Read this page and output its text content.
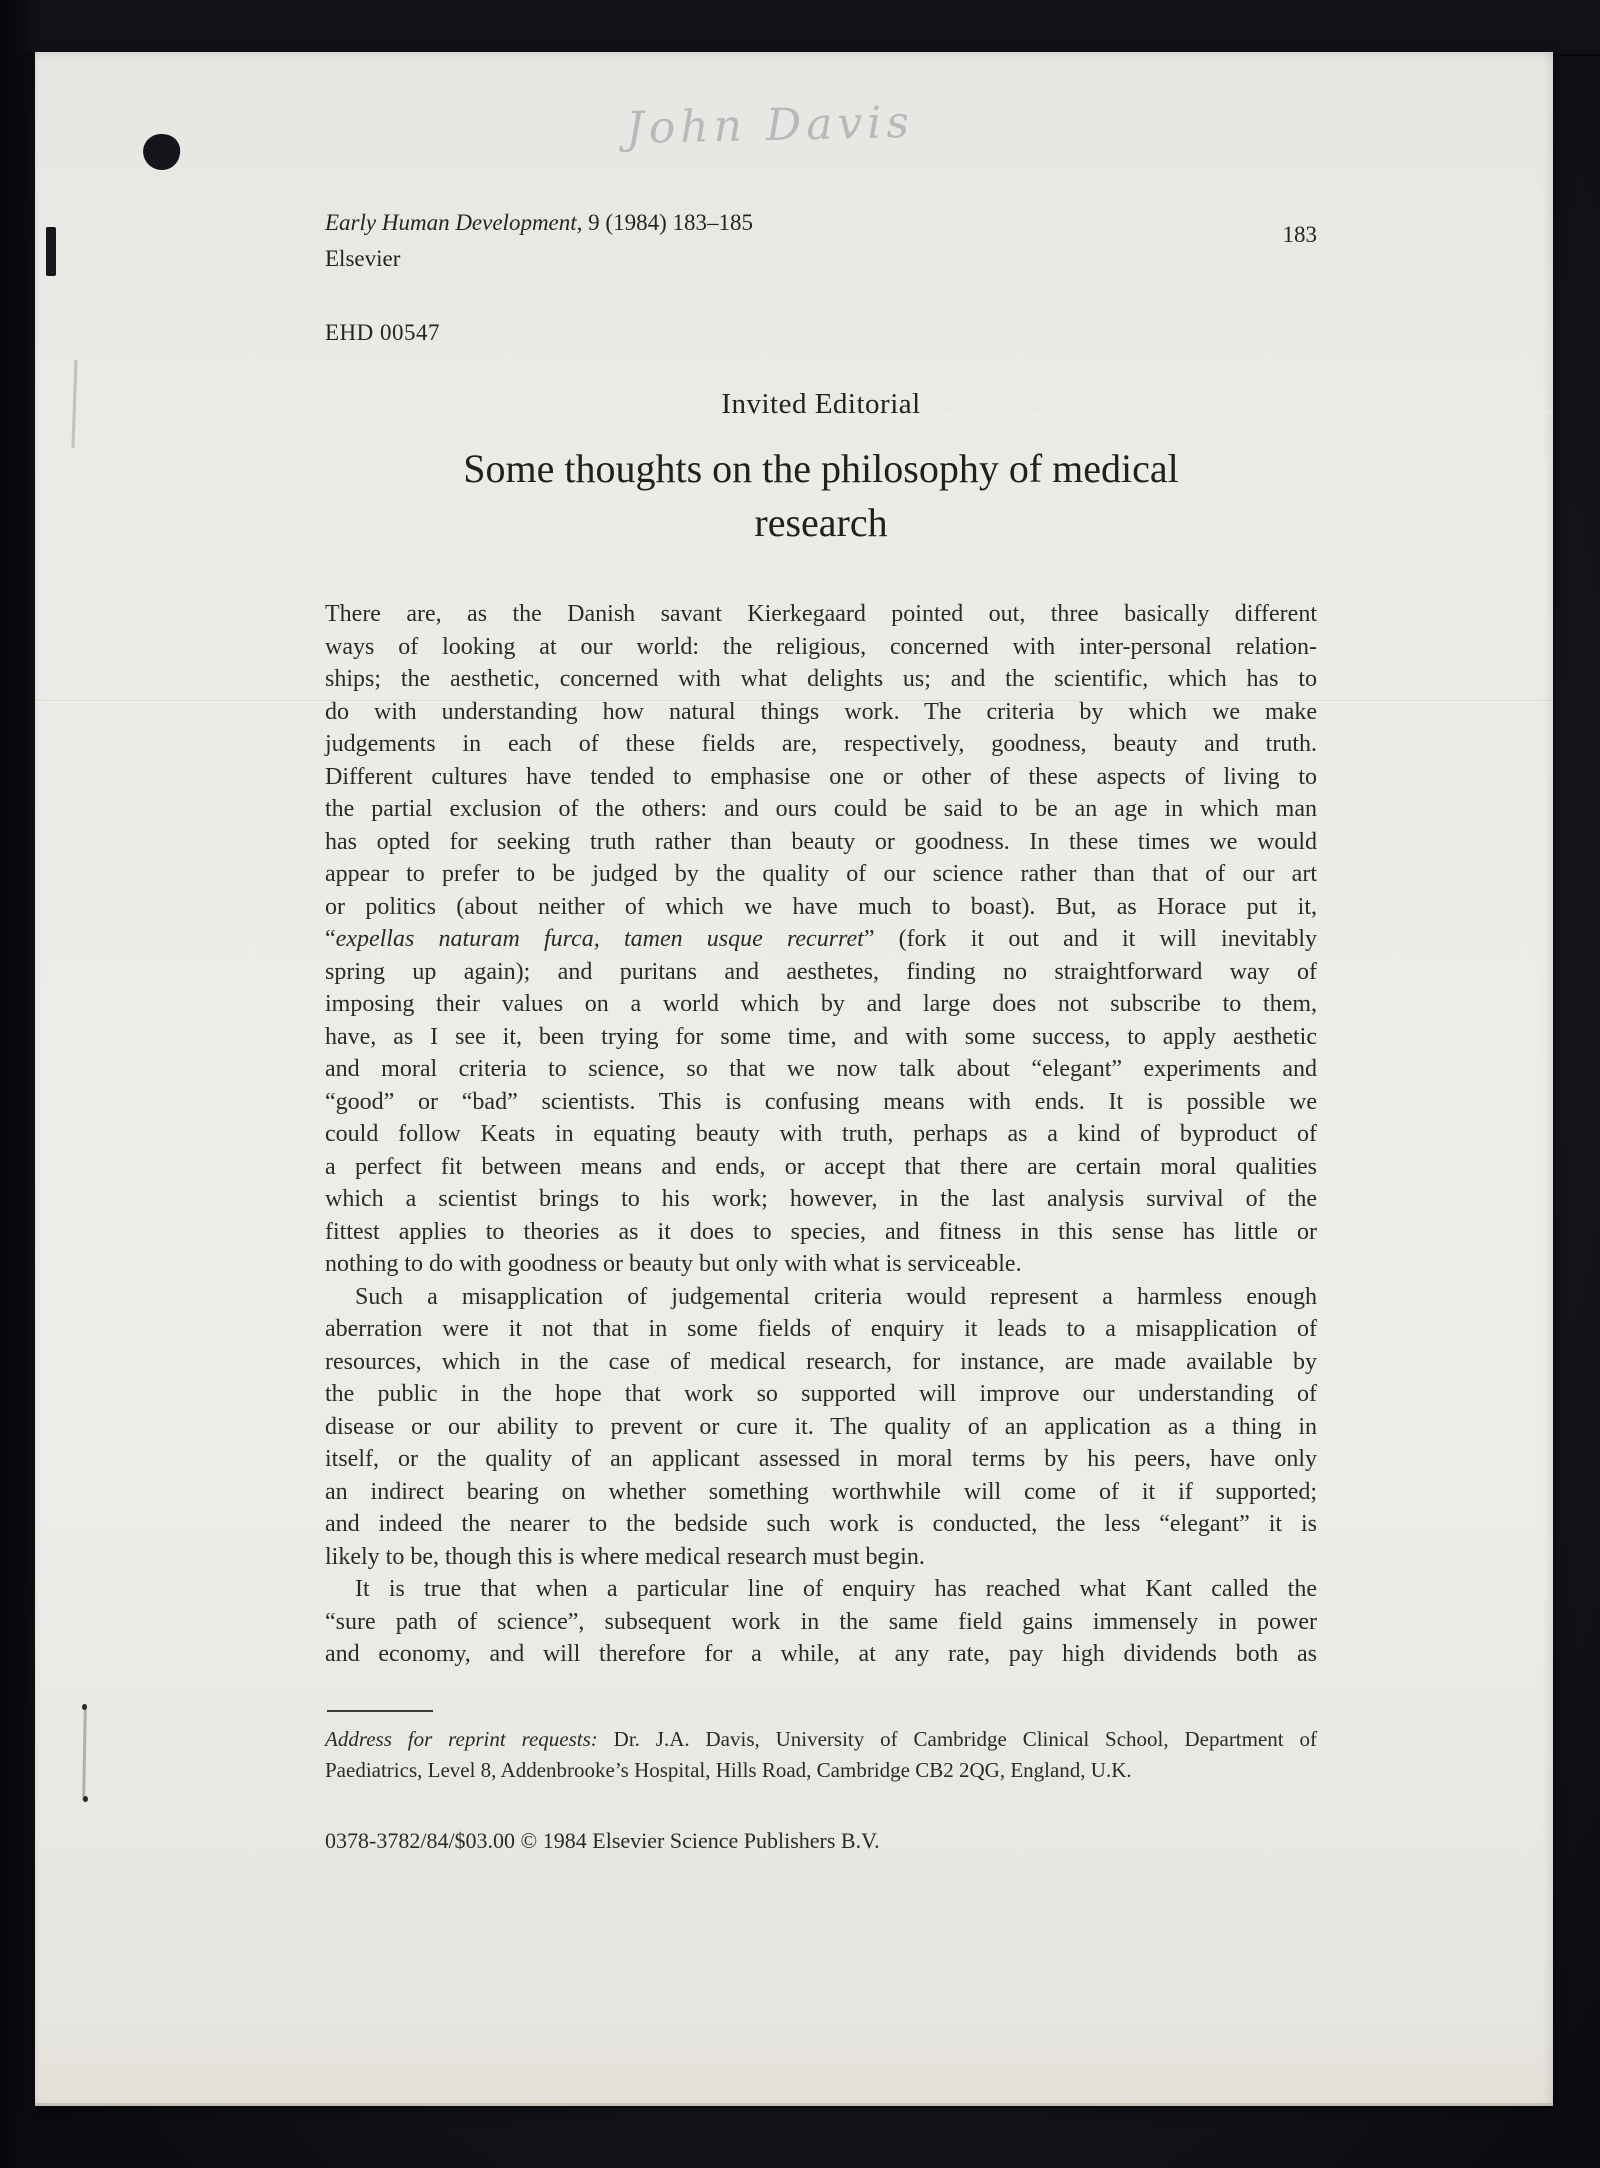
John Davis
Early Human Development, 9 (1984) 183–185	183
Elsevier
EHD 00547
Invited Editorial
Some thoughts on the philosophy of medical
research
There are, as the Danish savant Kierkegaard pointed out, three basically different
ways of looking at our world: the religious, concerned with inter-personal relation-
ships; the aesthetic, concerned with what delights us; and the scientific, which has to
do with understanding how natural things work. The criteria by which we make
judgements in each of these fields are, respectively, goodness, beauty and truth.
Different cultures have tended to emphasise one or other of these aspects of living to
the partial exclusion of the others: and ours could be said to be an age in which man
has opted for seeking truth rather than beauty or goodness. In these times we would
appear to prefer to be judged by the quality of our science rather than that of our art
or politics (about neither of which we have much to boast). But, as Horace put it,
“expellas naturam furca, tamen usque recurret” (fork it out and it will inevitably
spring up again); and puritans and aesthetes, finding no straightforward way of
imposing their values on a world which by and large does not subscribe to them,
have, as I see it, been trying for some time, and with some success, to apply aesthetic
and moral criteria to science, so that we now talk about “elegant” experiments and
“good” or “bad” scientists. This is confusing means with ends. It is possible we
could follow Keats in equating beauty with truth, perhaps as a kind of byproduct of
a perfect fit between means and ends, or accept that there are certain moral qualities
which a scientist brings to his work; however, in the last analysis survival of the
fittest applies to theories as it does to species, and fitness in this sense has little or
nothing to do with goodness or beauty but only with what is serviceable.
Such a misapplication of judgemental criteria would represent a harmless enough
aberration were it not that in some fields of enquiry it leads to a misapplication of
resources, which in the case of medical research, for instance, are made available by
the public in the hope that work so supported will improve our understanding of
disease or our ability to prevent or cure it. The quality of an application as a thing in
itself, or the quality of an applicant assessed in moral terms by his peers, have only
an indirect bearing on whether something worthwhile will come of it if supported;
and indeed the nearer to the bedside such work is conducted, the less “elegant” it is
likely to be, though this is where medical research must begin.
It is true that when a particular line of enquiry has reached what Kant called the
“sure path of science”, subsequent work in the same field gains immensely in power
and economy, and will therefore for a while, at any rate, pay high dividends both as
Address for reprint requests: Dr. J.A. Davis, University of Cambridge Clinical School, Department of
Paediatrics, Level 8, Addenbrooke’s Hospital, Hills Road, Cambridge CB2 2QG, England, U.K.
0378-3782/84/$03.00 © 1984 Elsevier Science Publishers B.V.
